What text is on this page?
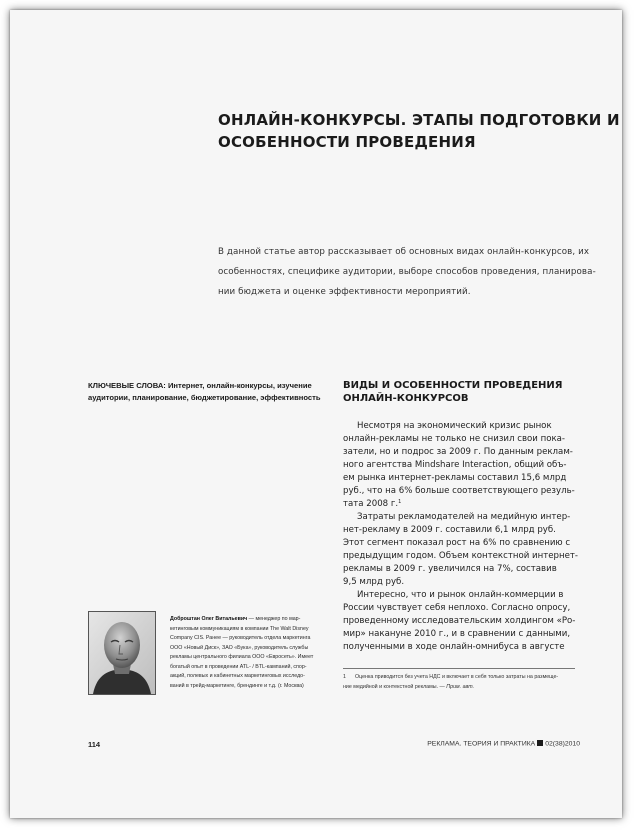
ОНЛАЙН-КОНКУРСЫ. ЭТАПЫ ПОДГОТОВКИ И
ОСОБЕННОСТИ ПРОВЕДЕНИЯ
В данной статье автор рассказывает об основных видах онлайн-конкурсов, их
особенностях, специфике аудитории, выборе способов проведения, планирова-
нии бюджета и оценке эффективности мероприятий.
КЛЮЧЕВЫЕ СЛОВА: Интернет, онлайн-конкурсы, изучение
аудитории, планирование, бюджетирование, эффективность
ВИДЫ И ОСОБЕННОСТИ ПРОВЕДЕНИЯ
ОНЛАЙН-КОНКУРСОВ
Несмотря на экономический кризис рынок
онлайн-рекламы не только не снизил свои пока-
затели, но и подрос за 2009 г. По данным реклам-
ного агентства Mindshare Interaction, общий объ-
ем рынка интернет-рекламы составил 15,6 млрд
руб., что на 6% больше соответствующего резуль-
тата 2008 г.$^1$
Затраты рекламодателей на медийную интер-
нет-рекламу в 2009 г. составили 6,1 млрд руб.
Этот сегмент показал рост на 6% по сравнению с
предыдущим годом. Объем контекстной интернет-
рекламы в 2009 г. увеличился на 7%, составив
9,5 млрд руб.
Интересно, что и рынок онлайн-коммерции в
России чувствует себя неплохо. Согласно опросу,
проведенному исследовательским холдингом «Ро-
мир» накануне 2010 г., и в сравнении с данными,
полученными в ходе онлайн-омнибуса в августе
1 Оценка приводится без учета НДС и включает в себя только затраты на размеще-
ние медийной и контекстной рекламы. — Прим. авт.
Доброштан Олег Витальевич — менеджер по мар-
кетинговым коммуникациям в компании The Walt Disney
Company CIS. Ранее — руководитель отдела маркетинга
ООО «Новый Диск», ЗАО «Бука», руководитель службы
рекламы центрального филиала ООО «Евросеть». Имеет
богатый опыт в проведении ATL- / BTL-кампаний, спор-
акций, полевых и кабинетных маркетинговых исследо-
ваний в трейд-маркетинге, брендинге и т.д. (г. Москва)
114	РЕКЛАМА. ТЕОРИЯ И ПРАКТИКА 02(38)2010
